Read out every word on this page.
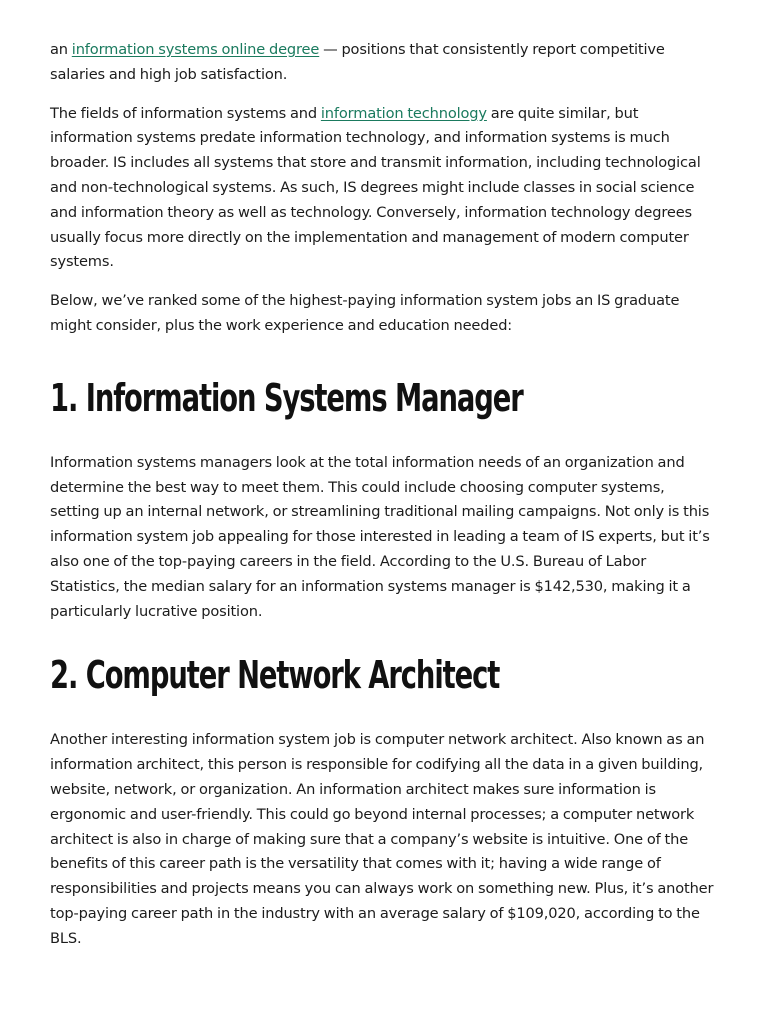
an information systems online degree — positions that consistently report competitive salaries and high job satisfaction.

The fields of information systems and information technology are quite similar, but information systems predate information technology, and information systems is much broader. IS includes all systems that store and transmit information, including technological and non-technological systems. As such, IS degrees might include classes in social science and information theory as well as technology. Conversely, information technology degrees usually focus more directly on the implementation and management of modern computer systems.

Below, we’ve ranked some of the highest-paying information system jobs an IS graduate might consider, plus the work experience and education needed:

1. Information Systems Manager

Information systems managers look at the total information needs of an organization and determine the best way to meet them. This could include choosing computer systems, setting up an internal network, or streamlining traditional mailing campaigns. Not only is this information system job appealing for those interested in leading a team of IS experts, but it’s also one of the top-paying careers in the field. According to the U.S. Bureau of Labor Statistics, the median salary for an information systems manager is $142,530, making it a particularly lucrative position.

2. Computer Network Architect

Another interesting information system job is computer network architect. Also known as an information architect, this person is responsible for codifying all the data in a given building, website, network, or organization. An information architect makes sure information is ergonomic and user-friendly. This could go beyond internal processes; a computer network architect is also in charge of making sure that a company’s website is intuitive. One of the benefits of this career path is the versatility that comes with it; having a wide range of responsibilities and projects means you can always work on something new. Plus, it’s another top-paying career path in the industry with an average salary of $109,020, according to the BLS.
